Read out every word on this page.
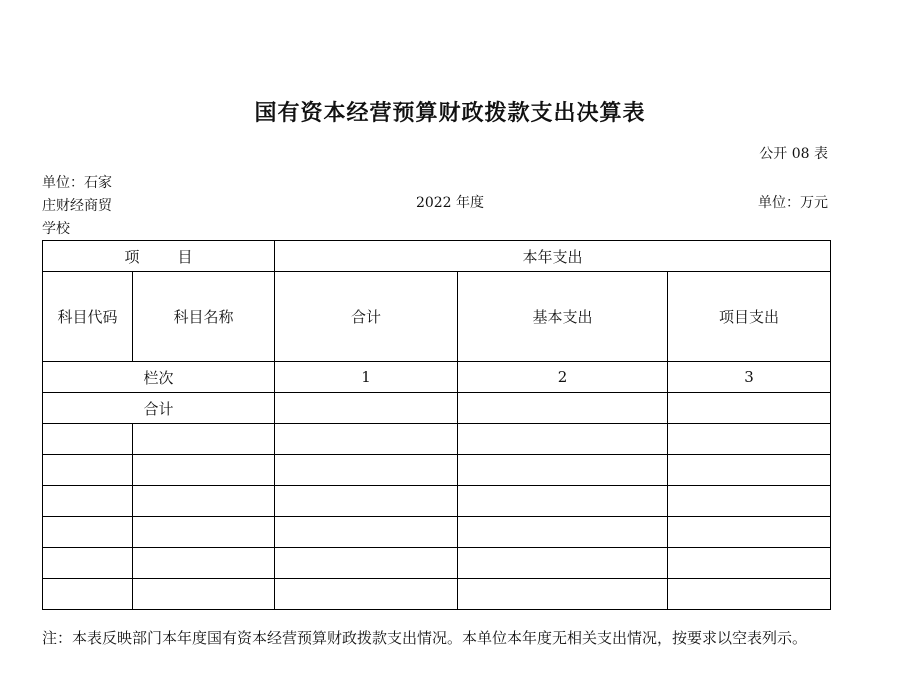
国有资本经营预算财政拨款支出决算表
公开 08 表
单位：石家庄财经商贸学校
2022 年度	单位：万元
项 目		本年支出		
科目代码	科目名称	合计	基本支出	项目支出
栏次		1	2	3
合计				

注：本表反映部门本年度国有资本经营预算财政拨款支出情况。本单位本年度无相关支出情况，按要求以空表列示。
